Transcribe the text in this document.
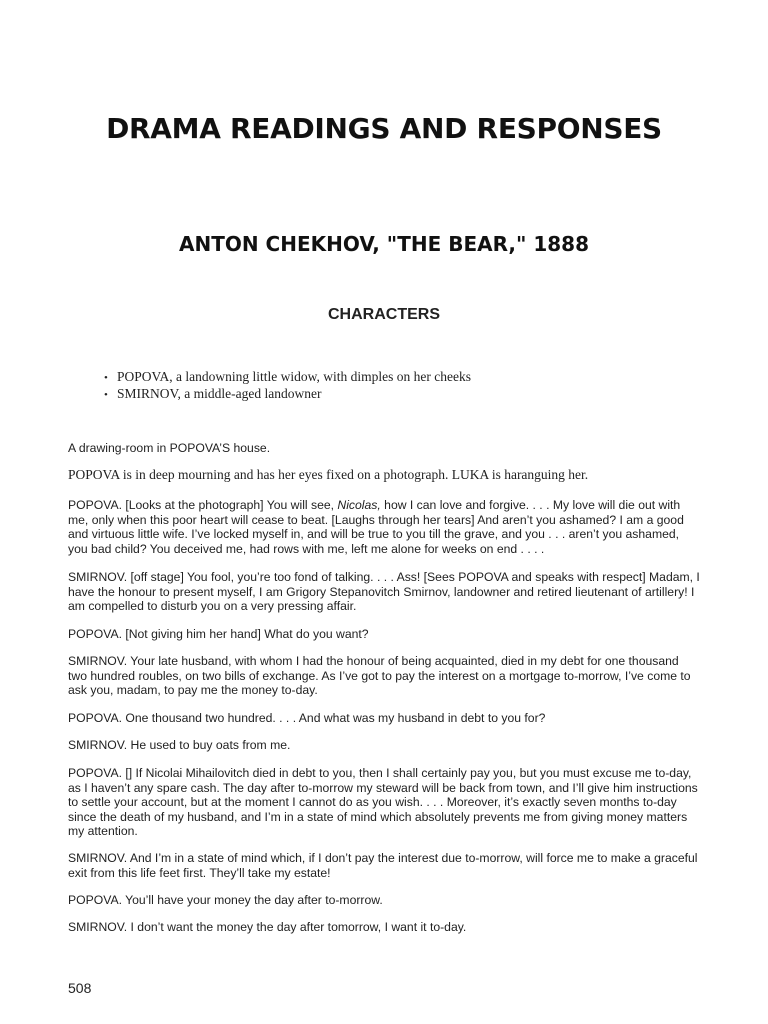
DRAMA READINGS AND RESPONSES
ANTON CHEKHOV, "THE BEAR," 1888
CHARACTERS
• POPOVA, a landowning little widow, with dimples on her cheeks
• SMIRNOV, a middle-aged landowner

A drawing-room in POPOVA’S house.

POPOVA is in deep mourning and has her eyes fixed on a photograph. LUKA is haranguing her.

POPOVA. [Looks at the photograph] You will see, Nicolas, how I can love and forgive. . . . My love will die out with me, only when this poor heart will cease to beat. [Laughs through her tears] And aren’t you ashamed? I am a good and virtuous little wife. I’ve locked myself in, and will be true to you till the grave, and you . . . aren’t you ashamed, you bad child? You deceived me, had rows with me, left me alone for weeks on end . . . .

SMIRNOV. [off stage] You fool, you’re too fond of talking. . . . Ass! [Sees POPOVA and speaks with respect] Madam, I have the honour to present myself, I am Grigory Stepanovitch Smirnov, landowner and retired lieutenant of artillery! I am compelled to disturb you on a very pressing affair.

POPOVA. [Not giving him her hand] What do you want?

SMIRNOV. Your late husband, with whom I had the honour of being acquainted, died in my debt for one thousand two hundred roubles, on two bills of exchange. As I’ve got to pay the interest on a mortgage to-morrow, I’ve come to ask you, madam, to pay me the money to-day.

POPOVA. One thousand two hundred. . . . And what was my husband in debt to you for?

SMIRNOV. He used to buy oats from me.

POPOVA. [] If Nicolai Mihailovitch died in debt to you, then I shall certainly pay you, but you must excuse me to-day, as I haven’t any spare cash. The day after to-morrow my steward will be back from town, and I’ll give him instructions to settle your account, but at the moment I cannot do as you wish. . . . Moreover, it’s exactly seven months to-day since the death of my husband, and I’m in a state of mind which absolutely prevents me from giving money matters my attention.

SMIRNOV. And I’m in a state of mind which, if I don’t pay the interest due to-morrow, will force me to make a graceful exit from this life feet first. They’ll take my estate!

POPOVA. You’ll have your money the day after to-morrow.

SMIRNOV. I don’t want the money the day after tomorrow, I want it to-day.

508
